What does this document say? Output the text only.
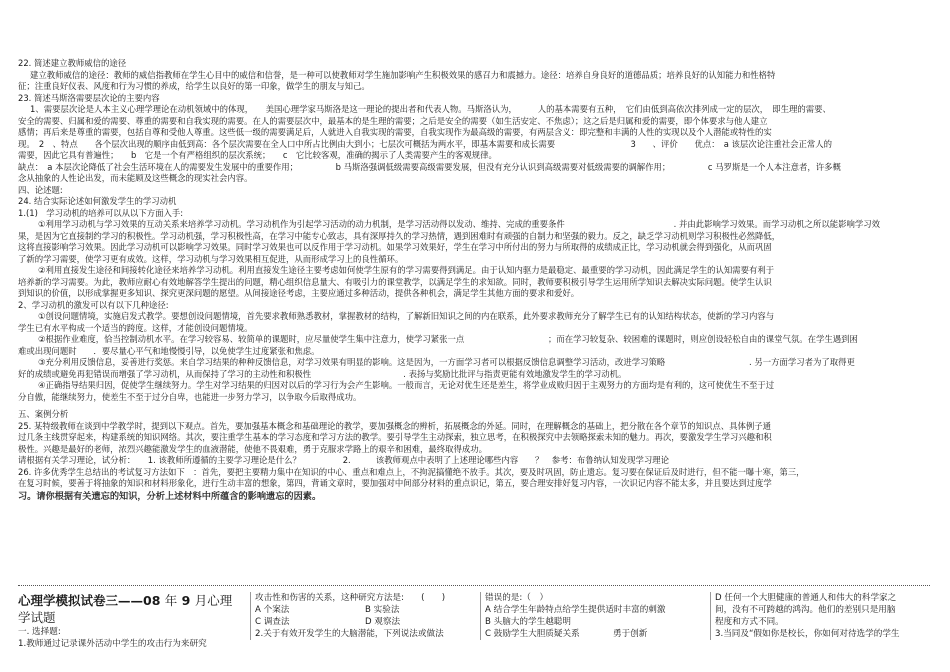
22. 简述建立教师威信的途径
建立教师威信的途径：教师的威信指教师在学生心目中的威信和信誉，是一种可以使教师对学生施加影响产生积极效果的感召力和震撼力。途径：培养自身良好的道德品质；培养良好的认知能力和性格特
征；注重良好仪表、风度和行为习惯的养成，给学生以良好的第一印象，做学生的朋友与知己。
23. 简述马斯洛需要层次论的主要内容
1、需要层次论是人本主义心理学理论在动机领域中的体现，　　美国心理学家马斯洛是这一理论的提出者和代表人物。马斯洛认为，　　　人的基本需要有五种，　它们由低到高依次排列成一定的层次，　即生理的需要、
安全的需要、归属和爱的需要、尊重的需要和自我实现的需要。在人的需要层次中，最基本的是生理的需要；之后是安全的需要（如生活安定、不焦虑）；这之后是归属和爱的需要，即个体要求与他人建立
感情；再后来是尊重的需要，包括自尊和受他人尊重。这些低一级的需要满足后，人就进入自我实现的需要，自我实现作为最高级的需要，有两层含义：即完整和丰满的人性的实现以及个人潜能或特性的实
现。　2　、特点　　各个层次出现的顺序由低到高：各个层次需要在全人口中所占比例由大到小；七层次可概括为两水平，即基本需要和成长需要　　　　　　　　　3　　、评价　　优点：　a 该层次论注重社会正常人的
需要，因此它具有普遍性；　　b　它是一个有严格组织的层次系统；　　c　它比较客观，准确的揭示了人类需要产生的客观规律。
缺点：　a 本层次论降低了社会生活环境在人的需要发生发展中的重要作用；　　　　　b 马斯洛强调低级需要高级需要发展，但没有充分认识到高级需要对低级需要的调解作用；　　　　　c 马罗斯是一个人本注意者，许多概
念从抽象的人性论出发，而未能顾及这些概念的现实社会内容。
四、论述题:
24. 结合实际论述如何激发学生的学习动机
1.(1)　学习动机的培养可以从以下方面入手:
①利用学习动机与学习效果的互动关系来培养学习动机。学习动机作为引起学习活动的动力机制，是学习活动得以发动、维持、完成的重要条件　　　　　　　　　　　　　. 并由此影响学习效果。而学习动机之所以能影响学习效
果，是因为它直接制约学习的积极性。学习动机强，学习积极性高，在学习中能专心致志，具有深厚持久的学习热情，遇到困难时有顽强的自制力和坚强的毅力。反之，缺乏学习动机则学习积极性必然降低，
这将直接影响学习效果。因此学习动机可以影响学习效果。同时学习效果也可以反作用于学习动机。如果学习效果好，学生在学习中所付出的努力与所取得的成绩成正比，学习动机就会得到强化，从而巩固
了新的学习需要，使学习更有成效。这样，学习动机与学习效果相互促进，从而形成学习上的良性循环。
②利用直接发生途径和间接转化途径来培养学习动机。利用直接发生途径主要考虑如何使学生原有的学习需要得到满足。由于认知内驱力是最稳定、最重要的学习动机，因此满足学生的认知需要有利于
培养新的学习需要。为此，教师应耐心有效地解答学生提出的问题，精心组织信息量大、有吸引力的课堂教学，以满足学生的求知欲。同时，教师要积极引导学生运用所学知识去解决实际问题。使学生认识
到知识的价值，以形成掌握更多知识、探究更深问题的愿望。从间接途径考虑，主要应通过多种活动，提供各种机会，满足学生其他方面的要求和爱好。
2、学习动机的激发可以有以下几种途径:
①创设问题情境，实施启发式教学。要想创设问题情境，首先要求教师熟悉教材，掌握教材的结构，了解新旧知识之间的内在联系，此外要求教师充分了解学生已有的认知结构状态，使新的学习内容与
学生已有水平构成一个适当的跨度。这样，才能创设问题情境。
②根据作业难度，恰当控制动机水平。在学习较容易、较简单的课题时，应尽量使学生集中注意力，使学习紧张一点　　　　　　　　　　；而在学习较复杂、较困难的课题时，则应创设轻松自由的课堂气氛。在学生遇到困
难或出现问题时　　．要尽量心平气和地慢慢引导，以免使学生过度紧张和焦虑。
③充分利用反馈信息，妥善进行奖惩。来自学习结果的种种反馈信息，对学习效果有明显的影响。这是因为，一方面学习者可以根据反馈信息调整学习活动，改进学习策略　　　　　　　　　　. 另一方面学习者为了取得更
好的成绩或避免再犯错误而增强了学习动机，从而保持了学习的主动性和积极性　　　　　　　　　　　. 表扬与奖励比批评与指责更能有效地激发学生的学习动机。
④正确指导结果归因，促使学生继续努力。学生对学习结果的归因对以后的学习行为会产生影响。一般而言，无论对优生还是差生，将学业成败归因于主观努力的方面均是有利的，这可使优生不至于过
分自傲，能继续努力，使差生不至于过分自卑，也能进一步努力学习，以争取今后取得成功。
五、案例分析
25. 某特级教师在谈到中学教学时，提到以下观点。首先，要加强基本概念和基础理论的教学，要加强概念的辨析，拓展概念的外延。同时，在理解概念的基础上，把分散在各个章节的知识点、具体例子通
过几条主线贯穿起来，构建系统的知识网络。其次，要注重学生基本的学习态度和学习方法的教学。要引导学生主动探索，独立思考，在积极探究中去领略探索未知的魅力。再次，要激发学生学习兴趣和积
极性。兴趣是最好的老师，浓烈兴趣能激发学生的血液潜能，使他不畏艰难，勇于克服求学路上的艰辛和困难，最终取得成功。
请根据有关学习理论，试分析：　　1. 该教师所遵循的主要学习理论是什么？　　　　　2.　　　该教师观点中表明了上述理论哪些内容　　？　参考：布鲁纳认知发现学习理论
26. 许多优秀学生总结出的考试复习方法如下　：首先，要把主要精力集中在知识的中心、重点和难点上，不拘泥搞懂绝不放手。其次，要及时巩固，防止遗忘。复习要在保证后及时进行，但不能一曝十寒，第三，
在复习时候，要善于将抽象的知识和材料形象化，进行生动丰富的想象，第四，背诵文章时，要加强对中间部分材料的重点识记，第五，要合理安排好复习内容，一次识记内容不能太多，并且要达到过度学
习。请你根据有关遗忘的知识，分析上述材料中所蕴含的影响遗忘的因素。
心理学模拟试卷三——08 年 9 月心理
学试题
一. 选择题:
1.教师通过记录课外活动中学生的攻击行为来研究
攻击性和伤害的关系，这种研究方法是:　　(　　)
A 个案法	B 实验法
C 调查法	D 观察法
2.关于有效开发学生的大脑潜能，下列说法或做法
错误的是:（　）
A 结合学生年龄特点给学生提供适时丰富的刺激
B 头脑大的学生越聪明
C 鼓励学生大胆质疑关系	勇于创新
D 任何一个大胆健康的普通人和伟大的科学家之
间，没有不可跨越的鸿沟。他们的差别只是用脑
程度和方式不同。
3.当同及“假如你是校长，你如何对待选学的学生
